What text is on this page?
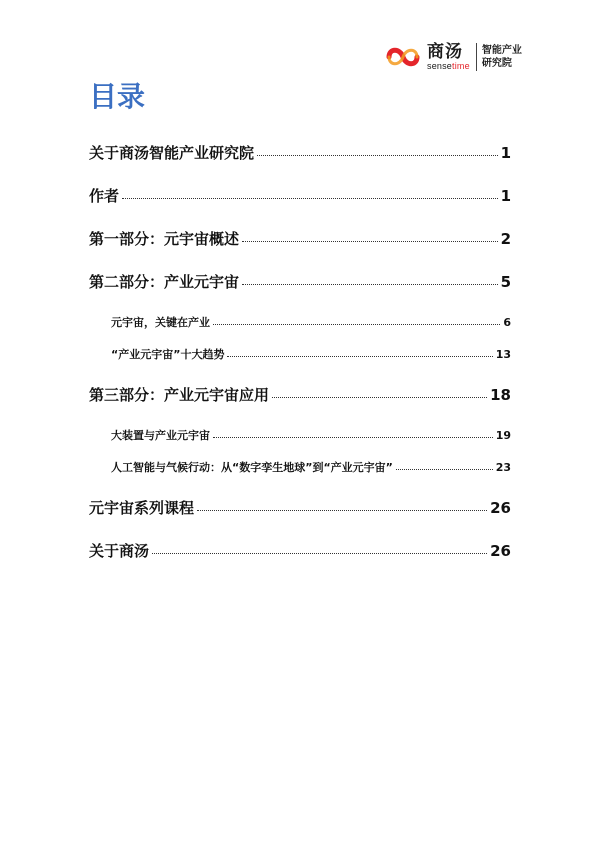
商汤
sensetime
智能产业
研究院
目录
关于商汤智能产业研究院	1
作者	1
第一部分：元宇宙概述	2
第二部分：产业元宇宙	5
元宇宙，关键在产业	6
“产业元宇宙”十大趋势	13
第三部分：产业元宇宙应用	18
大装置与产业元宇宙	19
人工智能与气候行动：从“数字孪生地球”到“产业元宇宙”	23
元宇宙系列课程	26
关于商汤	26
